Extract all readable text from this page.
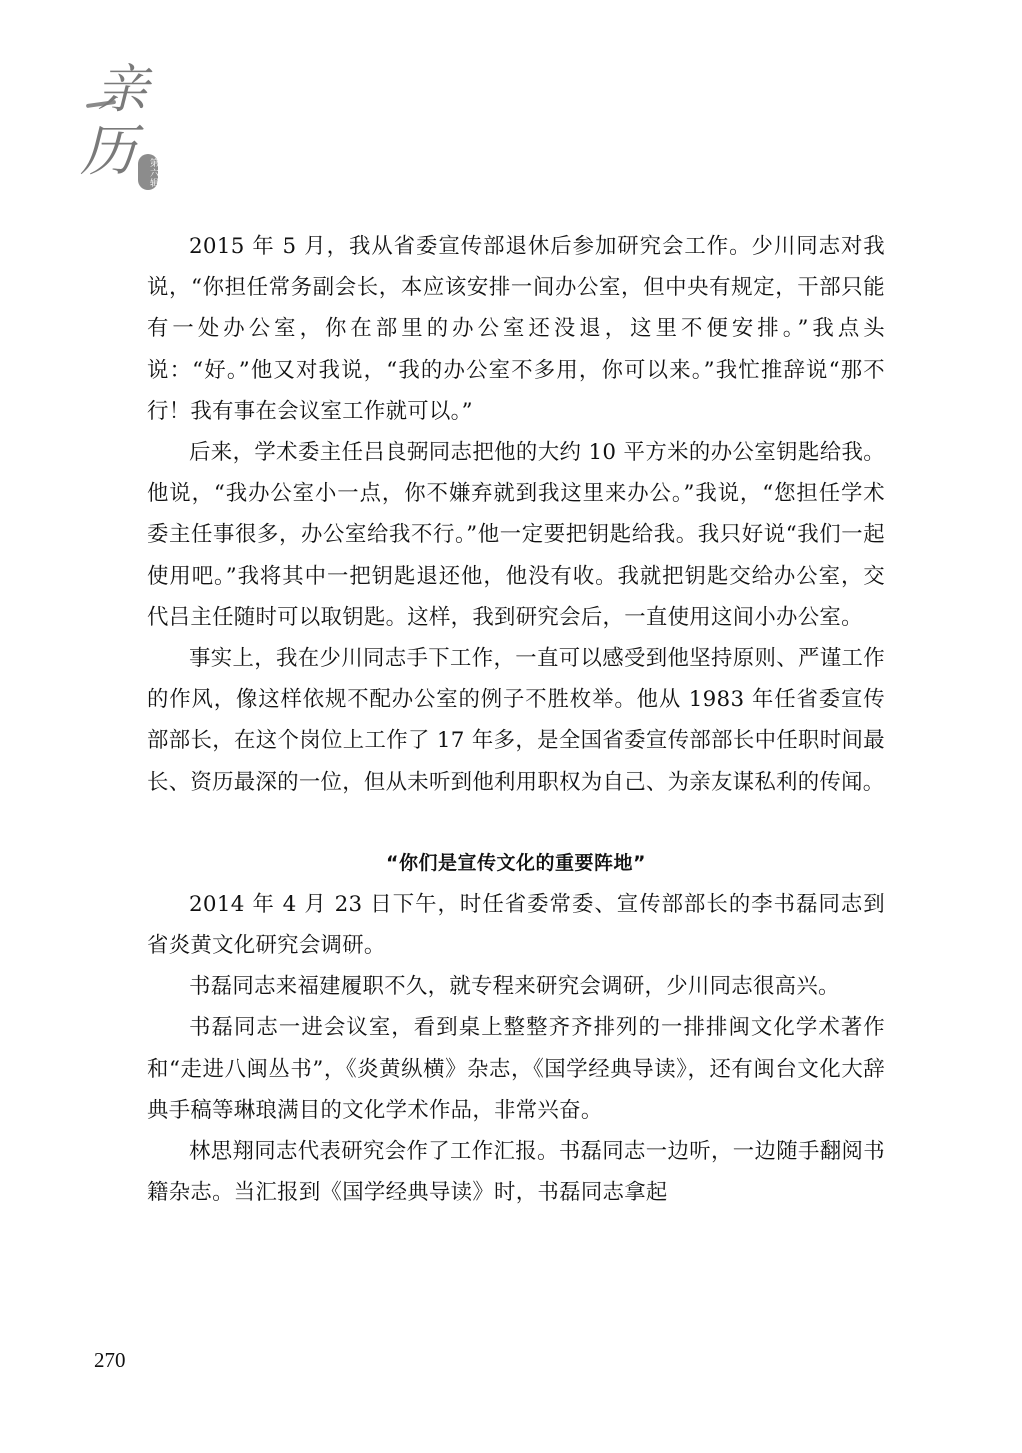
亲
历	第六辑

2015 年 5 月，我从省委宣传部退休后参加研究会工作。少川同志对我说，“你担任常务副会长，本应该安排一间办公室，但中央有规定，干部只能有一处办公室，你在部里的办公室还没退，这里不便安排。”我点头说：“好。”他又对我说，“我的办公室不多用，你可以来。”我忙推辞说“那不行！我有事在会议室工作就可以。”

后来，学术委主任吕良弼同志把他的大约 10 平方米的办公室钥匙给我。他说，“我办公室小一点，你不嫌弃就到我这里来办公。”我说，“您担任学术委主任事很多，办公室给我不行。”他一定要把钥匙给我。我只好说“我们一起使用吧。”我将其中一把钥匙退还他，他没有收。我就把钥匙交给办公室，交代吕主任随时可以取钥匙。这样，我到研究会后，一直使用这间小办公室。

事实上，我在少川同志手下工作，一直可以感受到他坚持原则、严谨工作的作风，像这样依规不配办公室的例子不胜枚举。他从 1983 年任省委宣传部部长，在这个岗位上工作了 17 年多，是全国省委宣传部部长中任职时间最长、资历最深的一位，但从未听到他利用职权为自己、为亲友谋私利的传闻。

“你们是宣传文化的重要阵地”

2014 年 4 月 23 日下午，时任省委常委、宣传部部长的李书磊同志到省炎黄文化研究会调研。

书磊同志来福建履职不久，就专程来研究会调研，少川同志很高兴。

书磊同志一进会议室，看到桌上整整齐齐排列的一排排闽文化学术著作和“走进八闽丛书”，《炎黄纵横》杂志，《国学经典导读》，还有闽台文化大辞典手稿等琳琅满目的文化学术作品，非常兴奋。

林思翔同志代表研究会作了工作汇报。书磊同志一边听，一边随手翻阅书籍杂志。当汇报到《国学经典导读》时，书磊同志拿起

270
